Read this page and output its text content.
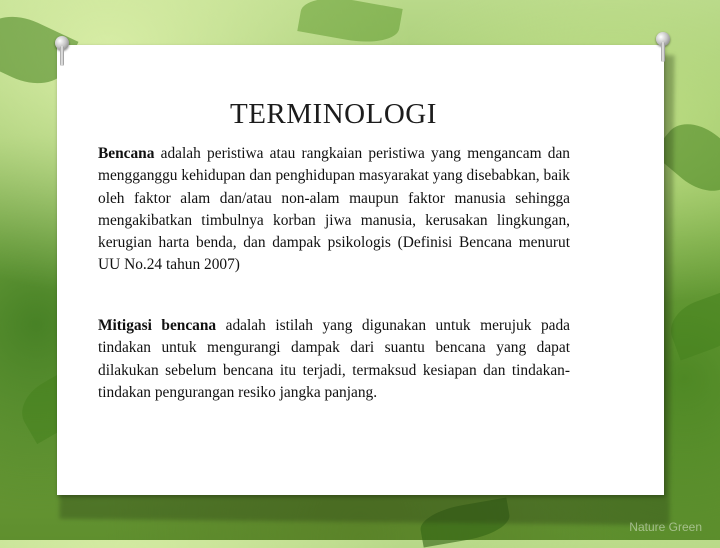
TERMINOLOGI

Bencana adalah peristiwa atau rangkaian peristiwa yang mengancam dan mengganggu kehidupan dan penghidupan masyarakat yang disebabkan, baik oleh faktor alam dan/atau non-alam maupun faktor manusia sehingga mengakibatkan timbulnya korban jiwa manusia, kerusakan lingkungan, kerugian harta benda, dan dampak psikologis (Definisi Bencana menurut UU No.24 tahun 2007)

Mitigasi bencana adalah istilah yang digunakan untuk merujuk pada tindakan untuk mengurangi dampak dari suantu bencana yang dapat dilakukan sebelum bencana itu terjadi, termaksud kesiapan dan tindakan-tindakan pengurangan resiko jangka panjang.

Nature Green
